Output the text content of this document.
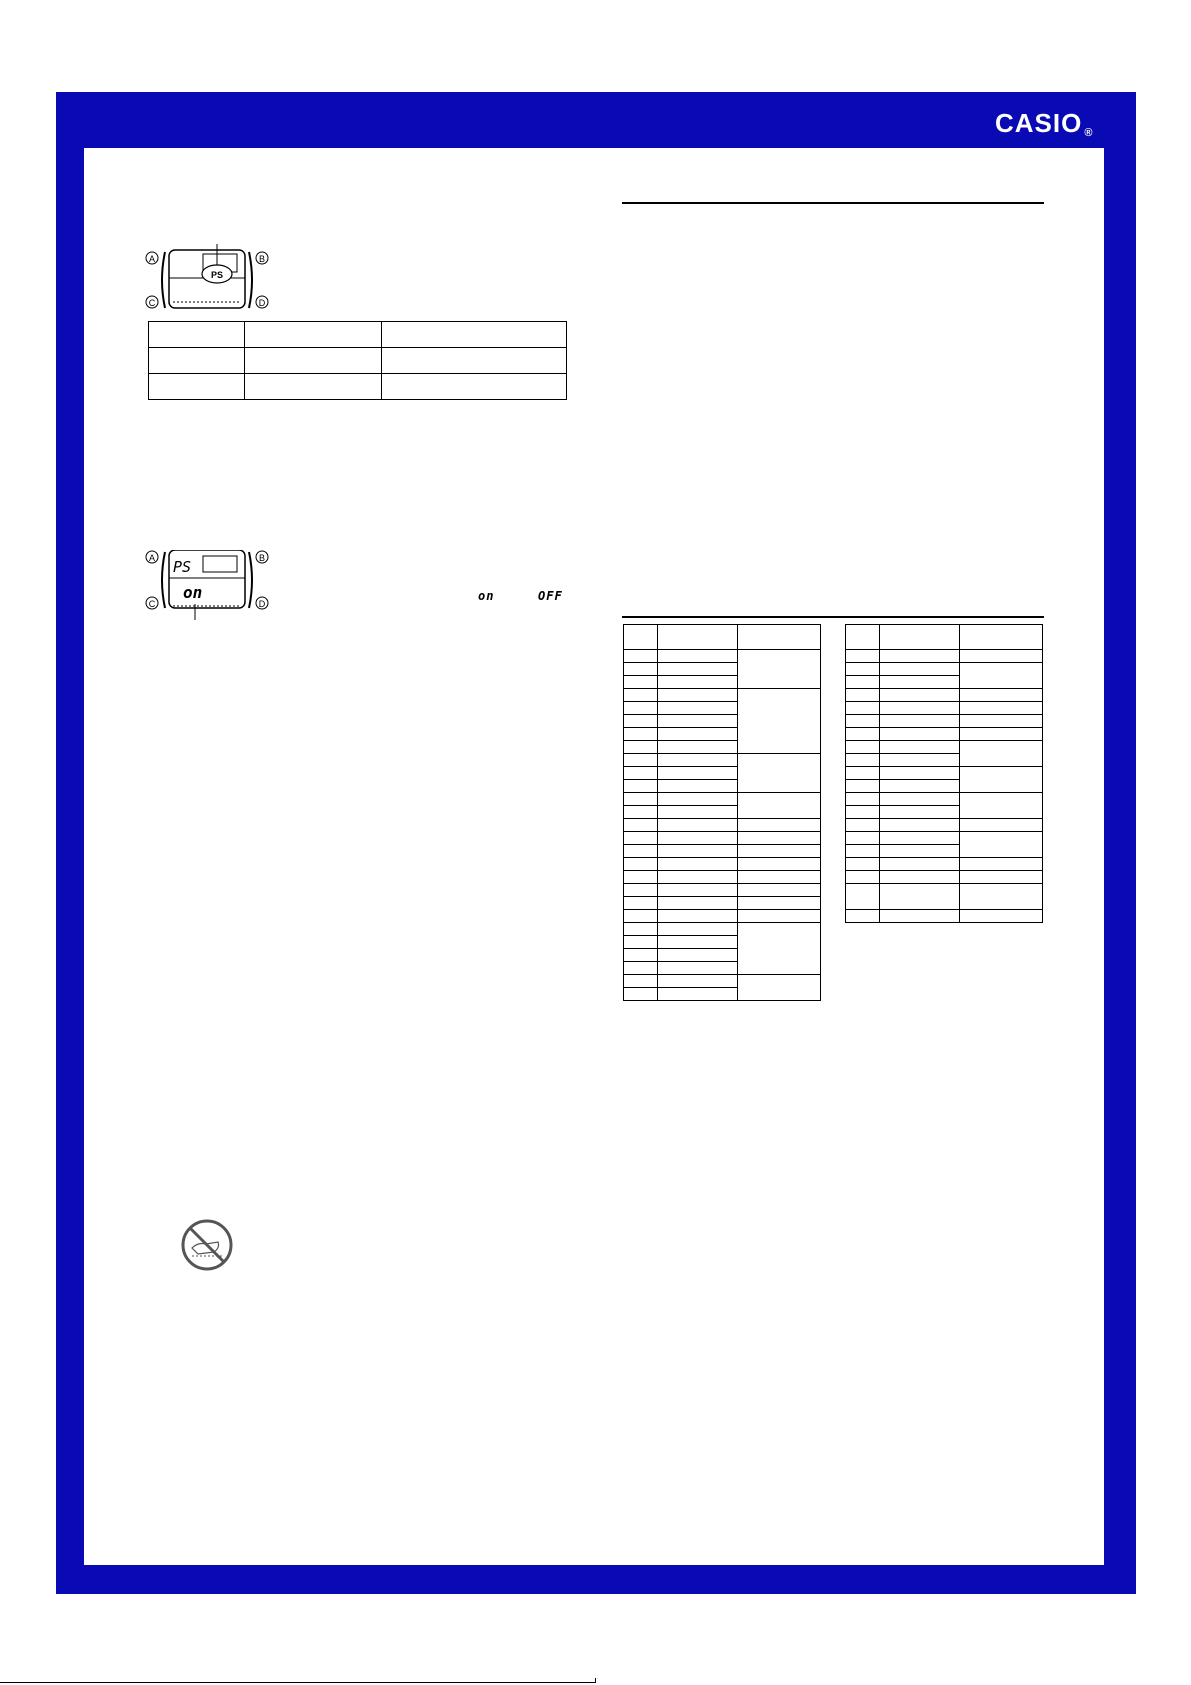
CASIO ®
A	B
C	D
PS

A	B
C	D
PS
on	on	OFF
